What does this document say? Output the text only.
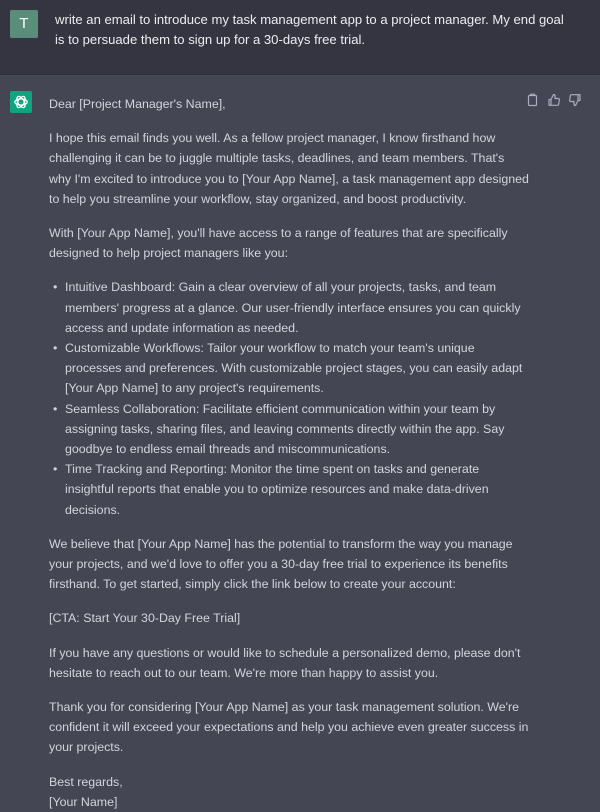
T	write an email to introduce my task management app to a project manager. My end goal is to persuade them to sign up for a 30-days free trial.

Dear [Project Manager's Name],

I hope this email finds you well. As a fellow project manager, I know firsthand how challenging it can be to juggle multiple tasks, deadlines, and team members. That's why I'm excited to introduce you to [Your App Name], a task management app designed to help you streamline your workflow, stay organized, and boost productivity.

With [Your App Name], you'll have access to a range of features that are specifically designed to help project managers like you:

• Intuitive Dashboard: Gain a clear overview of all your projects, tasks, and team members' progress at a glance. Our user-friendly interface ensures you can quickly access and update information as needed.
• Customizable Workflows: Tailor your workflow to match your team's unique processes and preferences. With customizable project stages, you can easily adapt [Your App Name] to any project's requirements.
• Seamless Collaboration: Facilitate efficient communication within your team by assigning tasks, sharing files, and leaving comments directly within the app. Say goodbye to endless email threads and miscommunications.
• Time Tracking and Reporting: Monitor the time spent on tasks and generate insightful reports that enable you to optimize resources and make data-driven decisions.

We believe that [Your App Name] has the potential to transform the way you manage your projects, and we'd love to offer you a 30-day free trial to experience its benefits firsthand. To get started, simply click the link below to create your account:

[CTA: Start Your 30-Day Free Trial]

If you have any questions or would like to schedule a personalized demo, please don't hesitate to reach out to our team. We're more than happy to assist you.

Thank you for considering [Your App Name] as your task management solution. We're confident it will exceed your expectations and help you achieve even greater success in your projects.

Best regards,

[Your Name]
